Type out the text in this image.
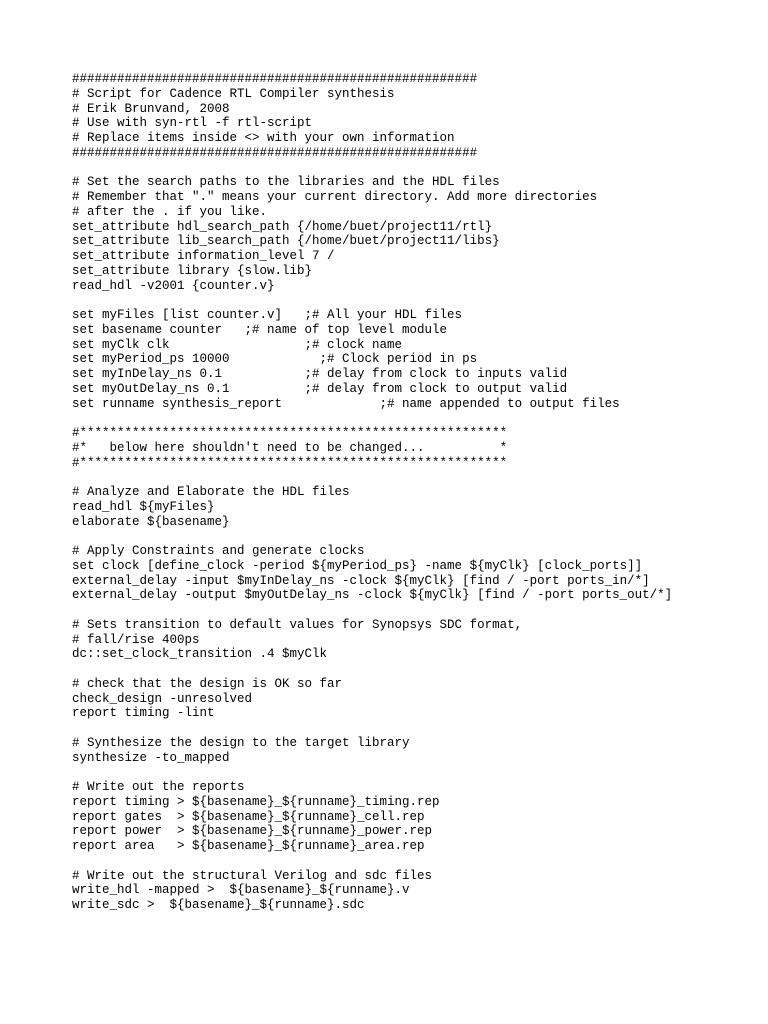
######################################################
# Script for Cadence RTL Compiler synthesis
# Erik Brunvand, 2008
# Use with syn-rtl -f rtl-script
# Replace items inside <> with your own information
######################################################
# Set the search paths to the libraries and the HDL files
# Remember that "." means your current directory. Add more directories
# after the . if you like.
set_attribute hdl_search_path {/home/buet/project11/rtl}
set_attribute lib_search_path {/home/buet/project11/libs}
set_attribute information_level 7 /
set_attribute library {slow.lib}
read_hdl -v2001 {counter.v}
set myFiles [list counter.v]   ;# All your HDL files
set basename counter   ;# name of top level module
set myClk clk                  ;# clock name
set myPeriod_ps 10000            ;# Clock period in ps
set myInDelay_ns 0.1           ;# delay from clock to inputs valid
set myOutDelay_ns 0.1          ;# delay from clock to output valid
set runname synthesis_report             ;# name appended to output files
#*********************************************************
#*   below here shouldn't need to be changed...          *
#*********************************************************
# Analyze and Elaborate the HDL files
read_hdl ${myFiles}
elaborate ${basename}
# Apply Constraints and generate clocks
set clock [define_clock -period ${myPeriod_ps} -name ${myClk} [clock_ports]]
external_delay -input $myInDelay_ns -clock ${myClk} [find / -port ports_in/*]
external_delay -output $myOutDelay_ns -clock ${myClk} [find / -port ports_out/*]
# Sets transition to default values for Synopsys SDC format,
# fall/rise 400ps
dc::set_clock_transition .4 $myClk
# check that the design is OK so far
check_design -unresolved
report timing -lint
# Synthesize the design to the target library
synthesize -to_mapped
# Write out the reports
report timing > ${basename}_${runname}_timing.rep
report gates  > ${basename}_${runname}_cell.rep
report power  > ${basename}_${runname}_power.rep
report area   > ${basename}_${runname}_area.rep
# Write out the structural Verilog and sdc files
write_hdl -mapped >  ${basename}_${runname}.v
write_sdc >  ${basename}_${runname}.sdc
